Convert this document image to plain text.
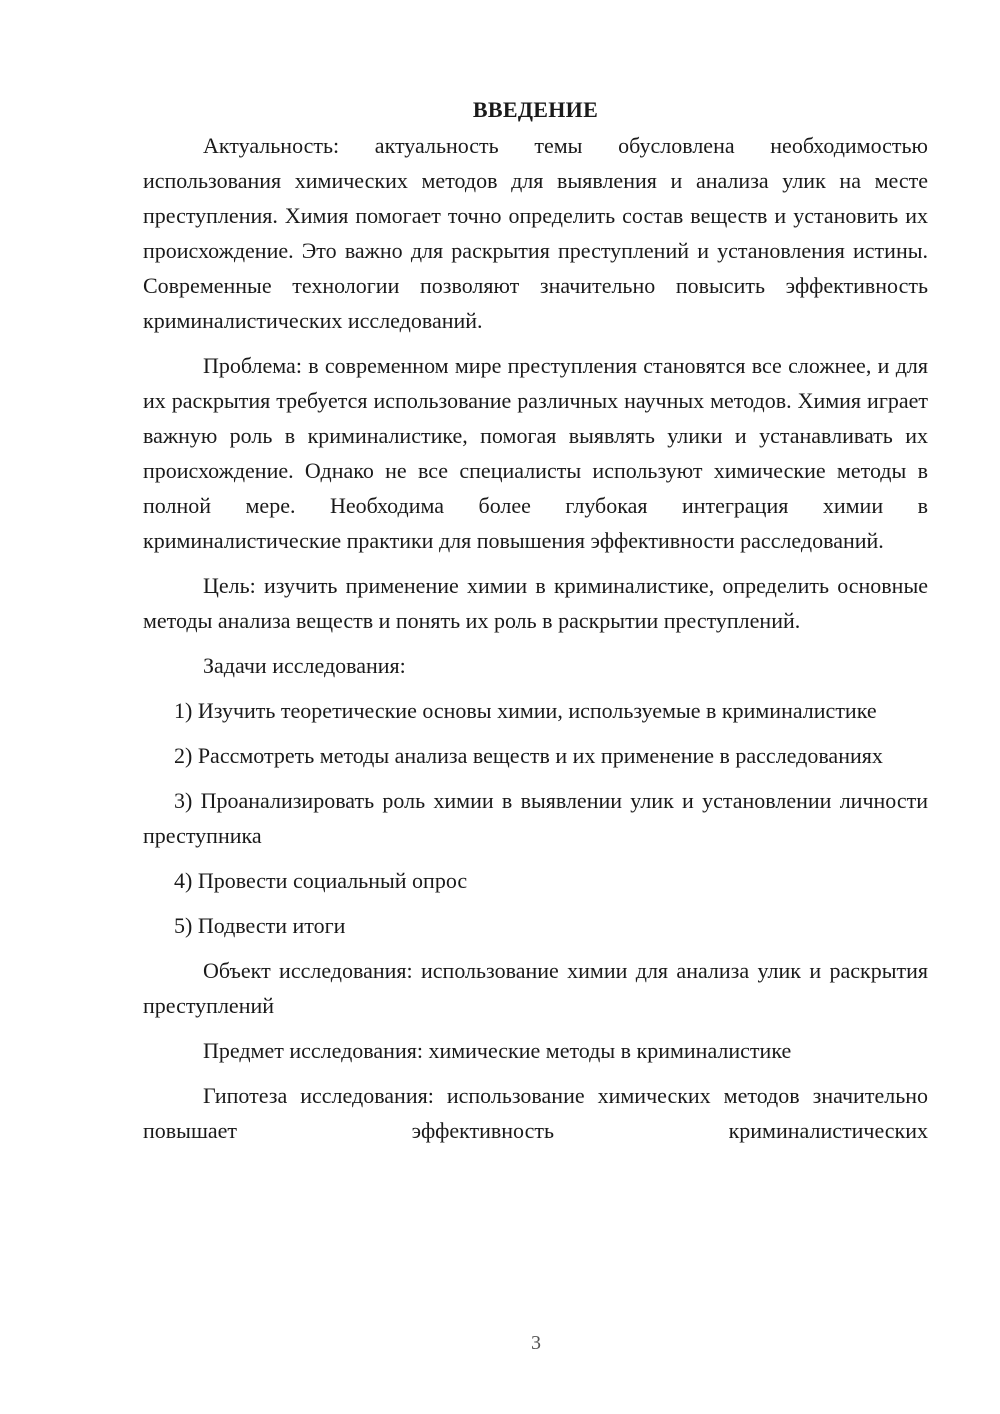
ВВЕДЕНИЕ

Актуальность: актуальность темы обусловлена необходимостью использования химических методов для выявления и анализа улик на месте преступления. Химия помогает точно определить состав веществ и установить их происхождение. Это важно для раскрытия преступлений и установления истины. Современные технологии позволяют значительно повысить эффективность криминалистических исследований.

Проблема: в современном мире преступления становятся все сложнее, и для их раскрытия требуется использование различных научных методов. Химия играет важную роль в криминалистике, помогая выявлять улики и устанавливать их происхождение. Однако не все специалисты используют химические методы в полной мере. Необходима более глубокая интеграция химии в криминалистические практики для повышения эффективности расследований.

Цель: изучить применение химии в криминалистике, определить основные методы анализа веществ и понять их роль в раскрытии преступлений.

Задачи исследования:

1) Изучить теоретические основы химии, используемые в криминалистике

2) Рассмотреть методы анализа веществ и их применение в расследованиях

3) Проанализировать роль химии в выявлении улик и установлении личности преступника

4) Провести социальный опрос

5) Подвести итоги

Объект исследования: использование химии для анализа улик и раскрытия преступлений

Предмет исследования: химические методы в криминалистике

Гипотеза исследования: использование химических методов значительно повышает эффективность криминалистических

3
